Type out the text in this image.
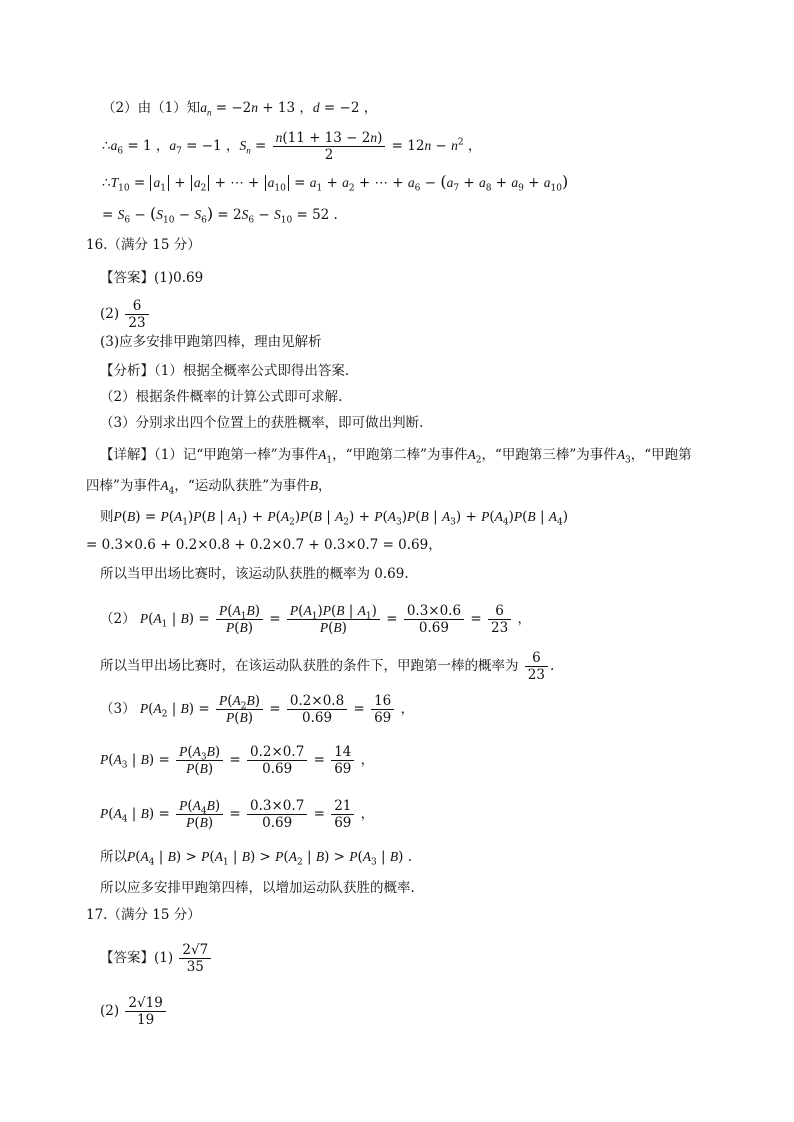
（2）由（1）知$a_n = -2n + 13$ ，d = −2 ，
$\therefore a_6 = 1$ ，$a_7 = -1$ ，$S_n = \frac{n(11 + 13 - 2n)}{2} = 12n - n^2$ ，
$\therefore T_{10} = a_1 + a_2$ + ⋯ + $a_{10} = a_1 + a_2$ + ⋯ + $a_6 - (a_7 + a_8 + a_9 + a_{10})$
= $S_6 - (S_{10} - S_6) = 2S_6 - S_{10} = 52$ .
16.（满分 15 分）
【答案】(1)0.69
$(2) \frac{6}{23}$
(3)应多安排甲跑第四棒，理由见解析
【分析】（1）根据全概率公式即得出答案.
（2）根据条件概率的计算公式即可求解.
（3）分别求出四个位置上的获胜概率，即可做出判断.
【详解】（1）记“甲跑第一棒”为事件$A_1$，“甲跑第二棒”为事件$A_2$，“甲跑第三棒”为事件$A_3$，“甲跑第
四棒”为事件$A_4$，“运动队获胜”为事件B，
则$P(B) = P(A_1)P(B$ | $A_1) + P(A_2)P(B$ | $A_2) + P(A_3)P(B$ | $A_3) + P(A_4)P(B$ | $A_4$)
= 0.3×0.6 + 0.2×0.8 + 0.2×0.7 + 0.3×0.7 = 0.69，
所以当甲出场比赛时，该运动队获胜的概率为 0.69.
（2） $P(A_1$ | $B) = \frac{P(A_1B)}{P(B)} = \frac{P(A_1)P(B | A_1)}{P(B)} = \frac{0.3\times 0.6}{0.69} = \frac{6}{23}$ ，
所以当甲出场比赛时，在该运动队获胜的条件下，甲跑第一棒的概率为 $\frac{6}{23}$ .
（3） $P(A_2$ | $B) = \frac{P(A_2B)}{P(B)} = \frac{0.2\times 0.8}{0.69} = \frac{16}{69}$ ，
$P(A_3$ | $B) = \frac{P(A_3B)}{P(B)} = \frac{0.2\times 0.7}{0.69} = \frac{14}{69}$ ，
$P(A_4$ | $B) = \frac{P(A_4B)}{P(B)} = \frac{0.3\times 0.7}{0.69} = \frac{21}{69}$ ，
所以$P(A_4$ | $B) > P(A_1$ | $B) > P(A_2$ | $B) > P(A_3$ | B) .
所以应多安排甲跑第四棒，以增加运动队获胜的概率.
17.（满分 15 分）
【答案】$(1) \frac{2√7}{35}$
$(2) \frac{2√19}{19}$
